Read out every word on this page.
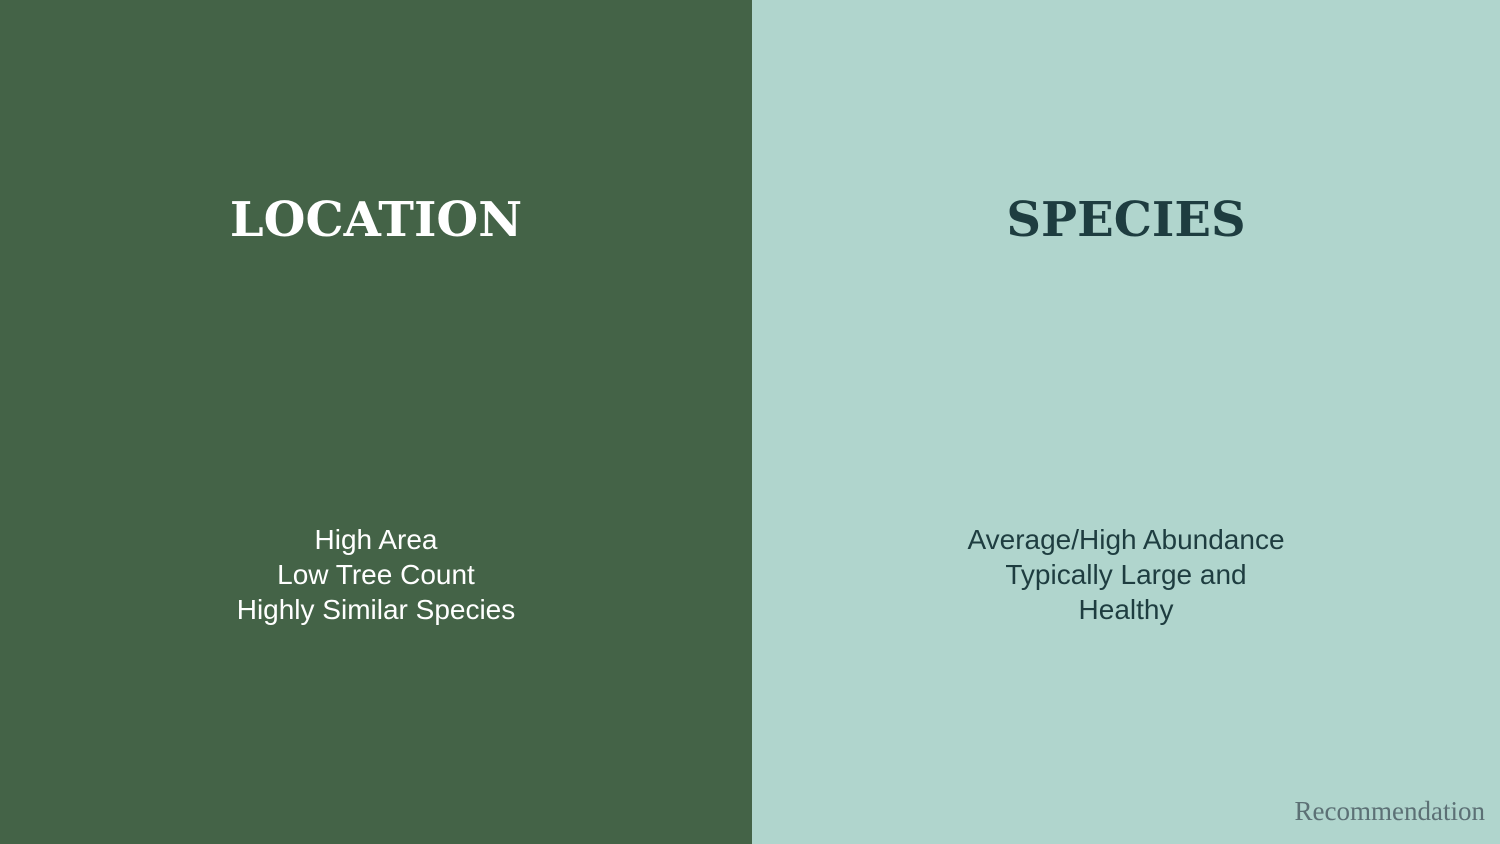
LOCATION
High Area
Low Tree Count
Highly Similar Species
SPECIES
Average/High Abundance
Typically Large and
Healthy
Recommendation
